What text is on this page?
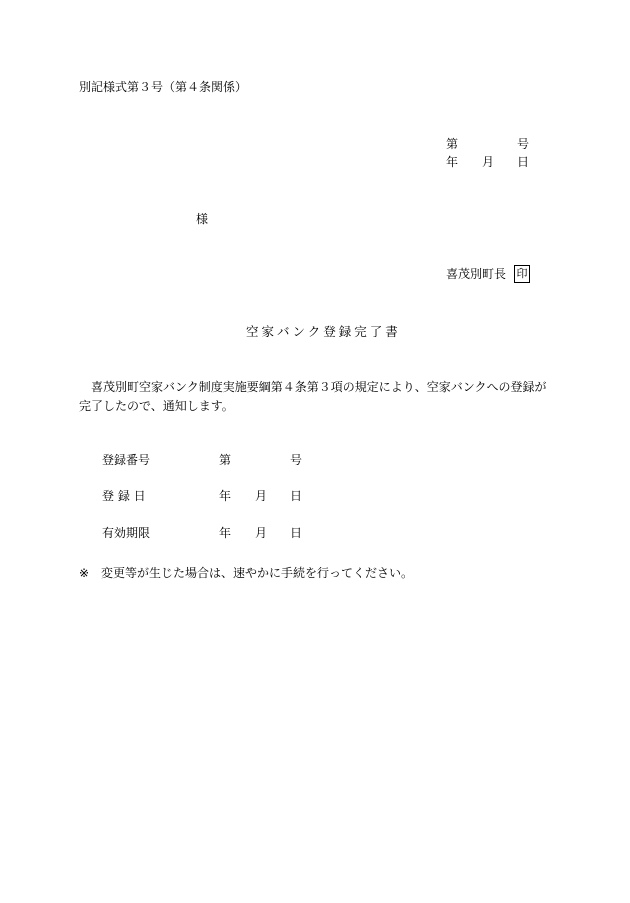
別記様式第３号（第４条関係）
第	号
年 月 日
様
喜茂別町長 印
空家バンク登録完了書
喜茂別町空家バンク制度実施要綱第４条第３項の規定により、空家バンクへの登録が完了したので、通知します。
登録番号	第	号
登 録 日	年 月 日
有効期限	年 月 日
※ 変更等が生じた場合は、速やかに手続を行ってください。
